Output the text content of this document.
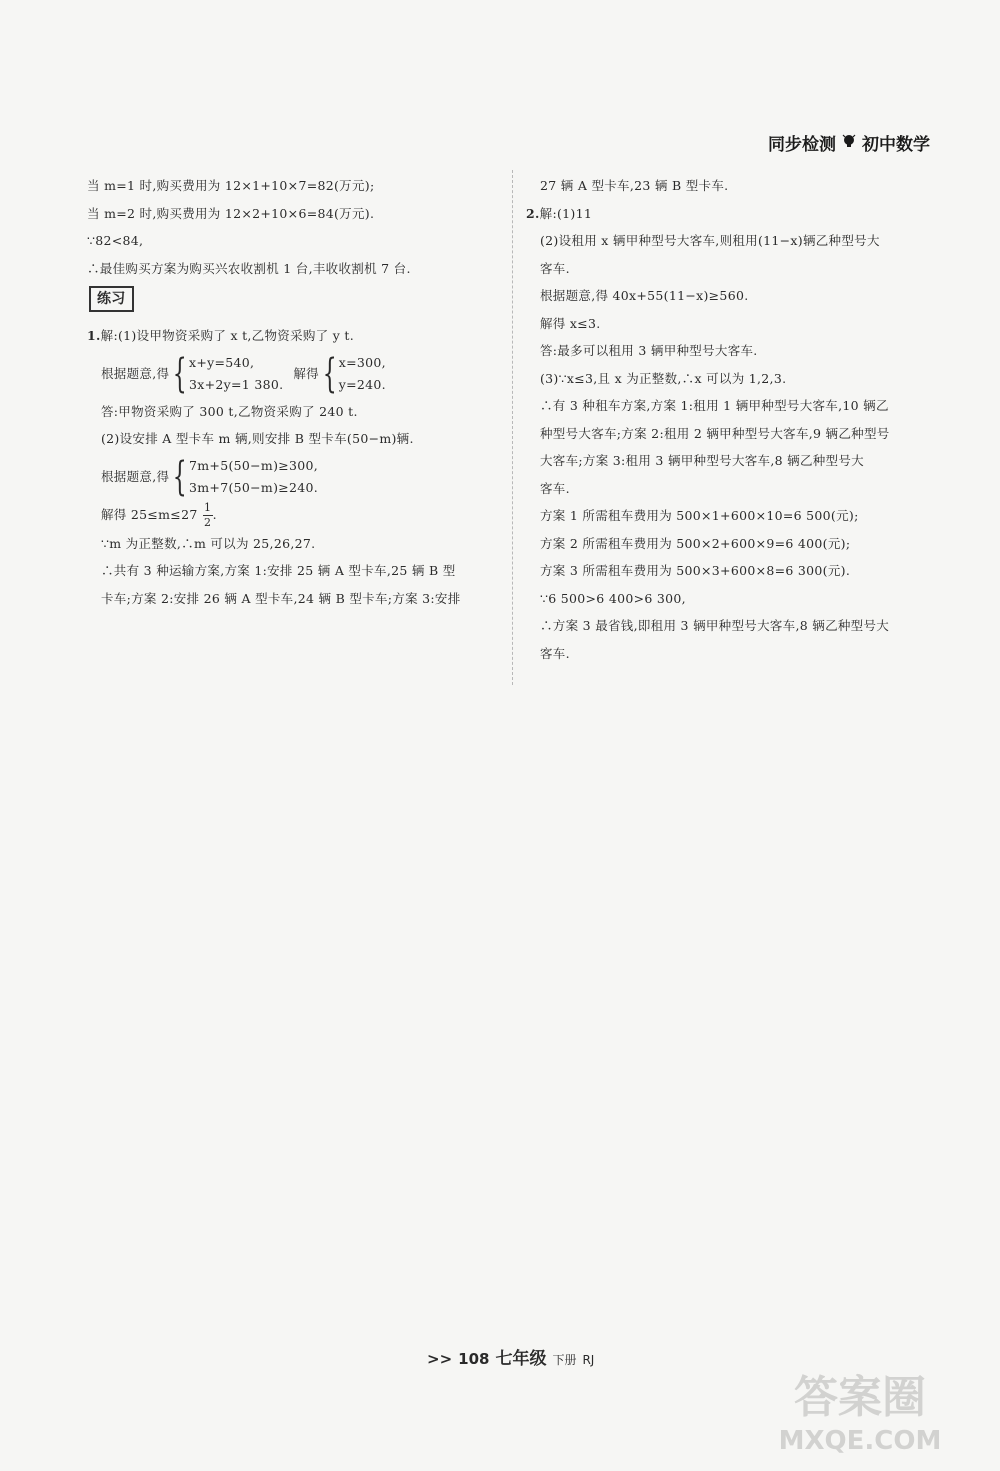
同步检测 初中数学
当 m=1 时,购买费用为 12×1+10×7=82(万元);
当 m=2 时,购买费用为 12×2+10×6=84(万元).
∵82<84,
∴最佳购买方案为购买兴农收割机 1 台,丰收收割机 7 台.
练习
1.解:(1)设甲物资采购了 x t,乙物资采购了 y t.
根据题意,得 { x+y=540,
3x+2y=1 380.
解得 { x=300,
y=240.
答:甲物资采购了 300 t,乙物资采购了 240 t.
(2)设安排 A 型卡车 m 辆,则安排 B 型卡车(50−m)辆.
根据题意,得 { 7m+5(50−m)≥300,
3m+7(50−m)≥240.
解得 $25\le m\le 27 \frac{1}{2}$ .
∵m 为正整数,∴m 可以为 25,26,27.
∴共有 3 种运输方案,方案 1:安排 25 辆 A 型卡车,25 辆 B 型
卡车;方案 2:安排 26 辆 A 型卡车,24 辆 B 型卡车;方案 3:安排
27 辆 A 型卡车,23 辆 B 型卡车.
2.解:(1)11
(2)设租用 x 辆甲种型号大客车,则租用(11−x)辆乙种型号大
客车.
根据题意,得 40x+55(11−x)≥560.
解得 x≤3.
答:最多可以租用 3 辆甲种型号大客车.
(3)∵x≤3,且 x 为正整数,∴x 可以为 1,2,3.
∴有 3 种租车方案,方案 1:租用 1 辆甲种型号大客车,10 辆乙
种型号大客车;方案 2:租用 2 辆甲种型号大客车,9 辆乙种型号
大客车;方案 3:租用 3 辆甲种型号大客车,8 辆乙种型号大
客车.
方案 1 所需租车费用为 500×1+600×10=6 500(元);
方案 2 所需租车费用为 500×2+600×9=6 400(元);
方案 3 所需租车费用为 500×3+600×8=6 300(元).
∵6 500>6 400>6 300,
∴方案 3 最省钱,即租用 3 辆甲种型号大客车,8 辆乙种型号大
客车.
>> 108 七年级 下册 RJ
答案圈
MXQE.COM
